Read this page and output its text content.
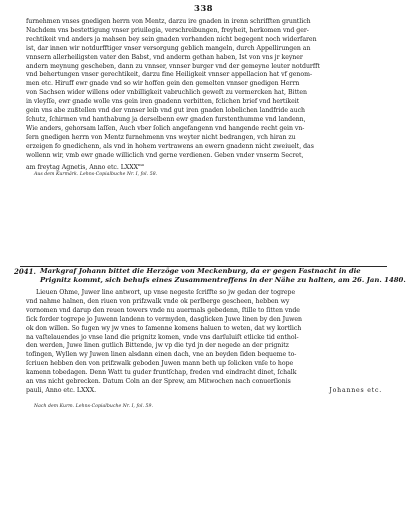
338
furnehmen vnses gnedigen herrn von Mentz, darzu ire gnaden in irenn schrifften gruntlich
Nachdem vns bestettigung vnser priuilegia, verschreibungen, freyheit, herkomen vnd ger-
rechtikeit vnd anders ja mahsen bey sein gnaden vorhanden nicht begegent noch widerfaren
ist, dar innen wir notdurfftiger vnser versorgung geblich mangeln, durch Appellirungen an
vnnsern allerheiligsten vater den Babst, vnd anderm gethan haben, Ist von vns jr keyner
andern meynung gescheben, dann zu vnnser, vnnser burger vnd der gemeyne leuter notdurfft
vnd behertungen vnser gerechtikeit, darzu fine Heiligkeit vnnser appellacion hat vf genom-
men etc. Hiruff ewr gnade vnd so wir hoffen gein den gemelten vnnser gnedigen Herrn
von Sachsen wider willens oder vnbilligkeit vabruchlich geweſt zu vermercken hat, Bitten
in vleyſſe, ewr gnade wolle vns gein iren gnadenn verbitten, fclichen brief vnd hertikeit
gein vns abe zußtellen vnd der vnnser leib vnd gut iren gnaden lobelichen landfride auch
ſchutz, ſchirmen vnd hanthabung ja derselbenn ewr gnaden furstenthumme vnd landenn,
Wie anders, gehorsam laſſen, Auch vber ſolich angefangenn vnd hangende recht gein vn-
ſern gnedigen herrn von Mentz furnehmenn vns weyter nicht bedrangen, vch hiran zu
erzeigen fo gnedichenn, als vnd in hohem vertrawens an ewern gnadenn nicht zweiuelt, das
wollenn wir, vmb ewr gnade williclich vnd gerne verdienen. Geben vnder vnserm Secret,
am freytag Agnetis, Anno etc. $LXXX^{mo}$
Aus dem Kurmärk. Lehns-Copialbuche Nr. I, fol. 58.
2041. Markgraf Johann bittet die Herzöge von Meckenburg, da er gegen Fastnacht in die
Prignitz kommt, sich behufs eines Zusammentreffens in der Nähe zu halten, am 26. Jan. 1480.
Lieuen Ohme, Juwer line antwort, up vnse negeste ſcriffte so jw gedan der togrepe
vnd nahme halnen, den riuen von prifzwalk vnde ok perlberge gescheen, hebben wy
vornomen vnd darup den reuen towers vnde nu auermals gebedenn, ſtille to ſitten vnde
ſick forder togrepe jo Juwenn landenn to vermyden, dasglicken Juwe linen by den Juwen
ok don willen. So fugen wy jw vnes to ſamenne komens haluen to weten, dat wy kortlich
na vaſtelauendes jo vnse land die prignitz komen, vnde vns darſuluiſt etlicke tid enthol-
den werden, Juwe linen gutlich Bittende, jw vp die tyd jn der negede an der prignitz
tofingen, Wyllen wy Juwen linen alsdann einen dach, vne an beyden ſiden bequeme to-
ſcriuen hebben den von prifzwalk geboden Juwen mann beth up ſolicken vnſe to hope
kamenn tobedagen. Denn Watt tu guder fruntſchap, freden vnd eindracht dinet, ſchalk
an vns nicht gebrecken. Datum Coln an der Sprew, am Mitwochen nach conuerſionis
pauli, Anno etc. LXXX.	Johannes etc.
Nach dem Kurm. Lehns-Copialbuche Nr. I, fol. 59.
